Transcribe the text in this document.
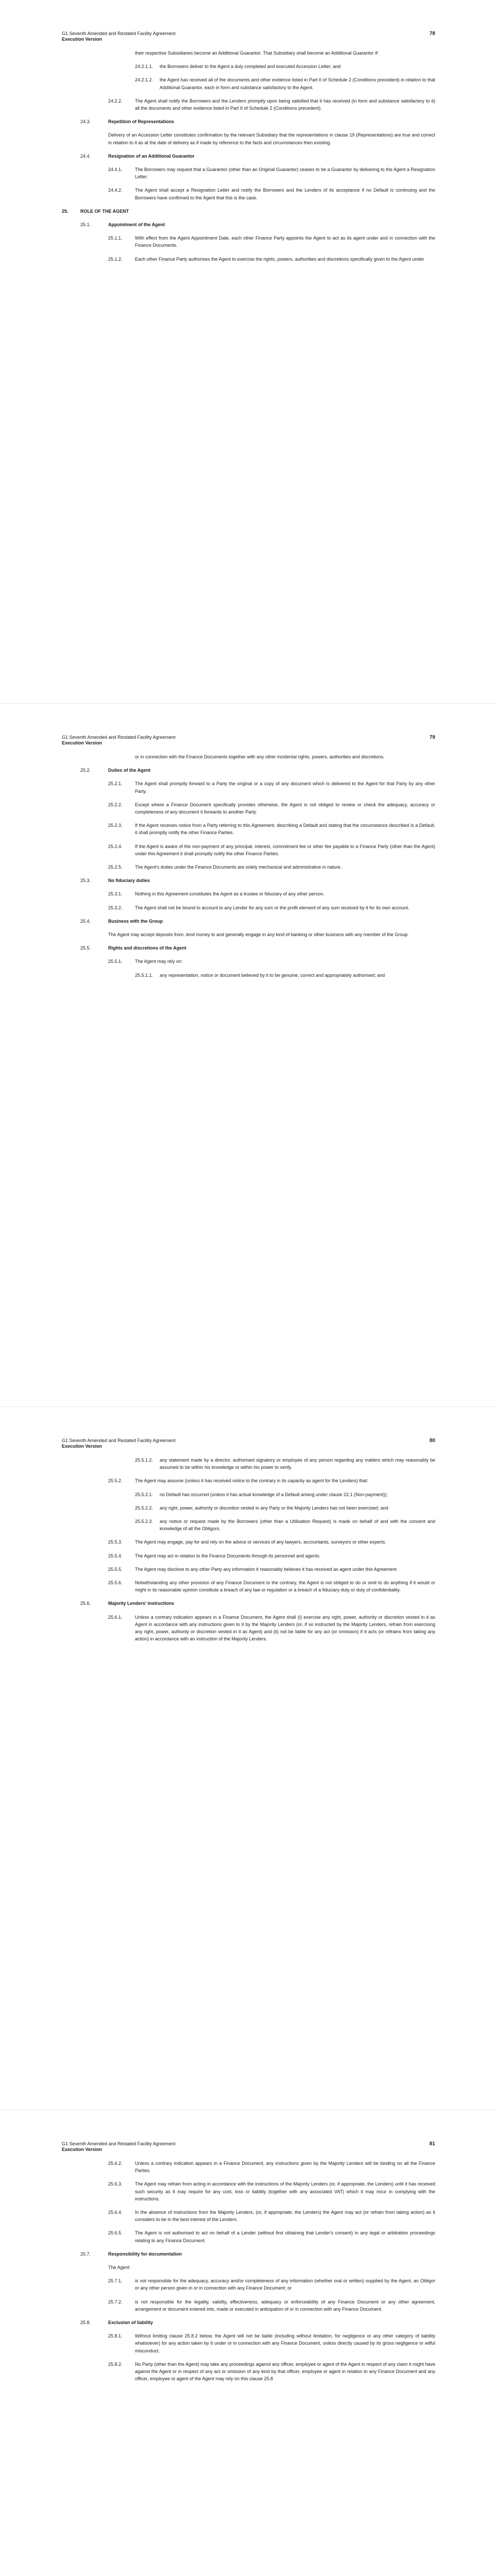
G1 Seventh Amended and Restated Facility Agreement
Execution Version
78
their respective Subsidiaries become an Additional Guarantor. That Subsidiary shall become an Additional Guarantor if:
24.2.1.1.	the Borrowers deliver to the Agent a duly completed and executed Accession Letter; and
24.2.1.2.	the Agent has received all of the documents and other evidence listed in Part II of Schedule 2 (Conditions precedent) in relation to that Additional Guarantor, each in form and substance satisfactory to the Agent.
24.2.2.	The Agent shall notify the Borrowers and the Lenders promptly upon being satisfied that it has received (in form and substance satisfactory to it) all the documents and other evidence listed in Part II of Schedule 2 (Conditions precedent).
24.3.	Repetition of Representations
Delivery of an Accession Letter constitutes confirmation by the relevant Subsidiary that the representations in clause 19 (Representations) are true and correct in relation to it as at the date of delivery as if made by reference to the facts and circumstances then existing.
24.4.	Resignation of an Additional Guarantor
24.4.1.	The Borrowers may request that a Guarantor (other than an Original Guarantor) ceases to be a Guarantor by delivering to the Agent a Resignation Letter.
24.4.2.	The Agent shall accept a Resignation Letter and notify the Borrowers and the Lenders of its acceptance if no Default is continuing and the Borrowers have confirmed to the Agent that this is the case.
25.	ROLE OF THE AGENT
25.1.	Appointment of the Agent
25.1.1.	With effect from the Agent Appointment Date, each other Finance Party appoints the Agent to act as its agent under and in connection with the Finance Documents.
25.1.2.	Each other Finance Party authorises the Agent to exercise the rights, powers, authorities and discretions specifically given to the Agent under
G1 Seventh Amended and Restated Facility Agreement
Execution Version
79
or in connection with the Finance Documents together with any other incidental rights, powers, authorities and discretions.
25.2.	Duties of the Agent
25.2.1.	The Agent shall promptly forward to a Party the original or a copy of any document which is delivered to the Agent for that Party by any other Party.
25.2.2.	Except where a Finance Document specifically provides otherwise, the Agent is not obliged to review or check the adequacy, accuracy or completeness of any document it forwards to another Party.
25.2.3.	If the Agent receives notice from a Party referring to this Agreement, describing a Default and stating that the circumstance described is a Default, it shall promptly notify the other Finance Parties.
25.2.4.	If the Agent is aware of the non-payment of any principal, interest, commitment fee or other fee payable to a Finance Party (other than the Agent) under this Agreement it shall promptly notify the other Finance Parties.
25.2.5.	The Agent's duties under the Finance Documents are solely mechanical and administrative in nature.
25.3.	No fiduciary duties
25.3.1.	Nothing in this Agreement constitutes the Agent as a trustee or fiduciary of any other person.
25.3.2.	The Agent shall not be bound to account to any Lender for any sum or the profit element of any sum received by it for its own account.
25.4.	Business with the Group
The Agent may accept deposits from, lend money to and generally engage in any kind of banking or other business with any member of the Group.
25.5.	Rights and discretions of the Agent
25.5.1.	The Agent may rely on:
25.5.1.1.	any representation, notice or document believed by it to be genuine, correct and appropriately authorised; and
G1 Seventh Amended and Restated Facility Agreement
Execution Version
80
25.5.1.2.	any statement made by a director, authorised signatory or employee of any person regarding any matters which may reasonably be assumed to be within his knowledge or within his power to verify.
25.5.2.	The Agent may assume (unless it has received notice to the contrary in its capacity as agent for the Lenders) that:
25.5.2.1.	no Default has occurred (unless it has actual knowledge of a Default arising under clause 22.1 (Non-payment));
25.5.2.2.	any right, power, authority or discretion vested in any Party or the Majority Lenders has not been exercised; and
25.5.2.3.	any notice or request made by the Borrowers (other than a Utilisation Request) is made on behalf of and with the consent and knowledge of all the Obligors.
25.5.3.	The Agent may engage, pay for and rely on the advice or services of any lawyers, accountants, surveyors or other experts.
25.5.4.	The Agent may act in relation to the Finance Documents through its personnel and agents.
25.5.5.	The Agent may disclose to any other Party any information it reasonably believes it has received as agent under this Agreement.
25.5.6.	Notwithstanding any other provision of any Finance Document to the contrary, the Agent is not obliged to do or omit to do anything if it would or might in its reasonable opinion constitute a breach of any law or regulation or a breach of a fiduciary duty or duty of confidentiality.
25.6.	Majority Lenders' instructions
25.6.1.	Unless a contrary indication appears in a Finance Document, the Agent shall (i) exercise any right, power, authority or discretion vested in it as Agent in accordance with any instructions given to it by the Majority Lenders (or, if so instructed by the Majority Lenders, refrain from exercising any right, power, authority or discretion vested in it as Agent) and (ii) not be liable for any act (or omission) if it acts (or refrains from taking any action) in accordance with an instruction of the Majority Lenders.
G1 Seventh Amended and Restated Facility Agreement
Execution Version
81
25.6.2.	Unless a contrary indication appears in a Finance Document, any instructions given by the Majority Lenders will be binding on all the Finance Parties.
25.6.3.	The Agent may refrain from acting in accordance with the instructions of the Majority Lenders (or, if appropriate, the Lenders) until it has received such security as it may require for any cost, loss or liability (together with any associated VAT) which it may incur in complying with the instructions.
25.6.4.	In the absence of instructions from the Majority Lenders, (or, if appropriate, the Lenders) the Agent may act (or refrain from taking action) as it considers to be in the best interest of the Lenders.
25.6.5.	The Agent is not authorised to act on behalf of a Lender (without first obtaining that Lender's consent) in any legal or arbitration proceedings relating to any Finance Document.
25.7.	Responsibility for documentation
The Agent:
25.7.1.	is not responsible for the adequacy, accuracy and/or completeness of any information (whether oral or written) supplied by the Agent, an Obligor or any other person given in or in connection with any Finance Document; or
25.7.2.	is not responsible for the legality, validity, effectiveness, adequacy or enforceability of any Finance Document or any other agreement, arrangement or document entered into, made or executed in anticipation of or in connection with any Finance Document.
25.8.	Exclusion of liability
25.8.1.	Without limiting clause 25.8.2 below, the Agent will not be liable (including without limitation, for negligence or any other category of liability whatsoever) for any action taken by it under or in connection with any Finance Document, unless directly caused by its gross negligence or wilful misconduct.
25.8.2.	No Party (other than the Agent) may take any proceedings against any officer, employee or agent of the Agent in respect of any claim it might have against the Agent or in respect of any act or omission of any kind by that officer, employee or agent in relation to any Finance Document and any officer, employee or agent of the Agent may rely on this clause 25.8
